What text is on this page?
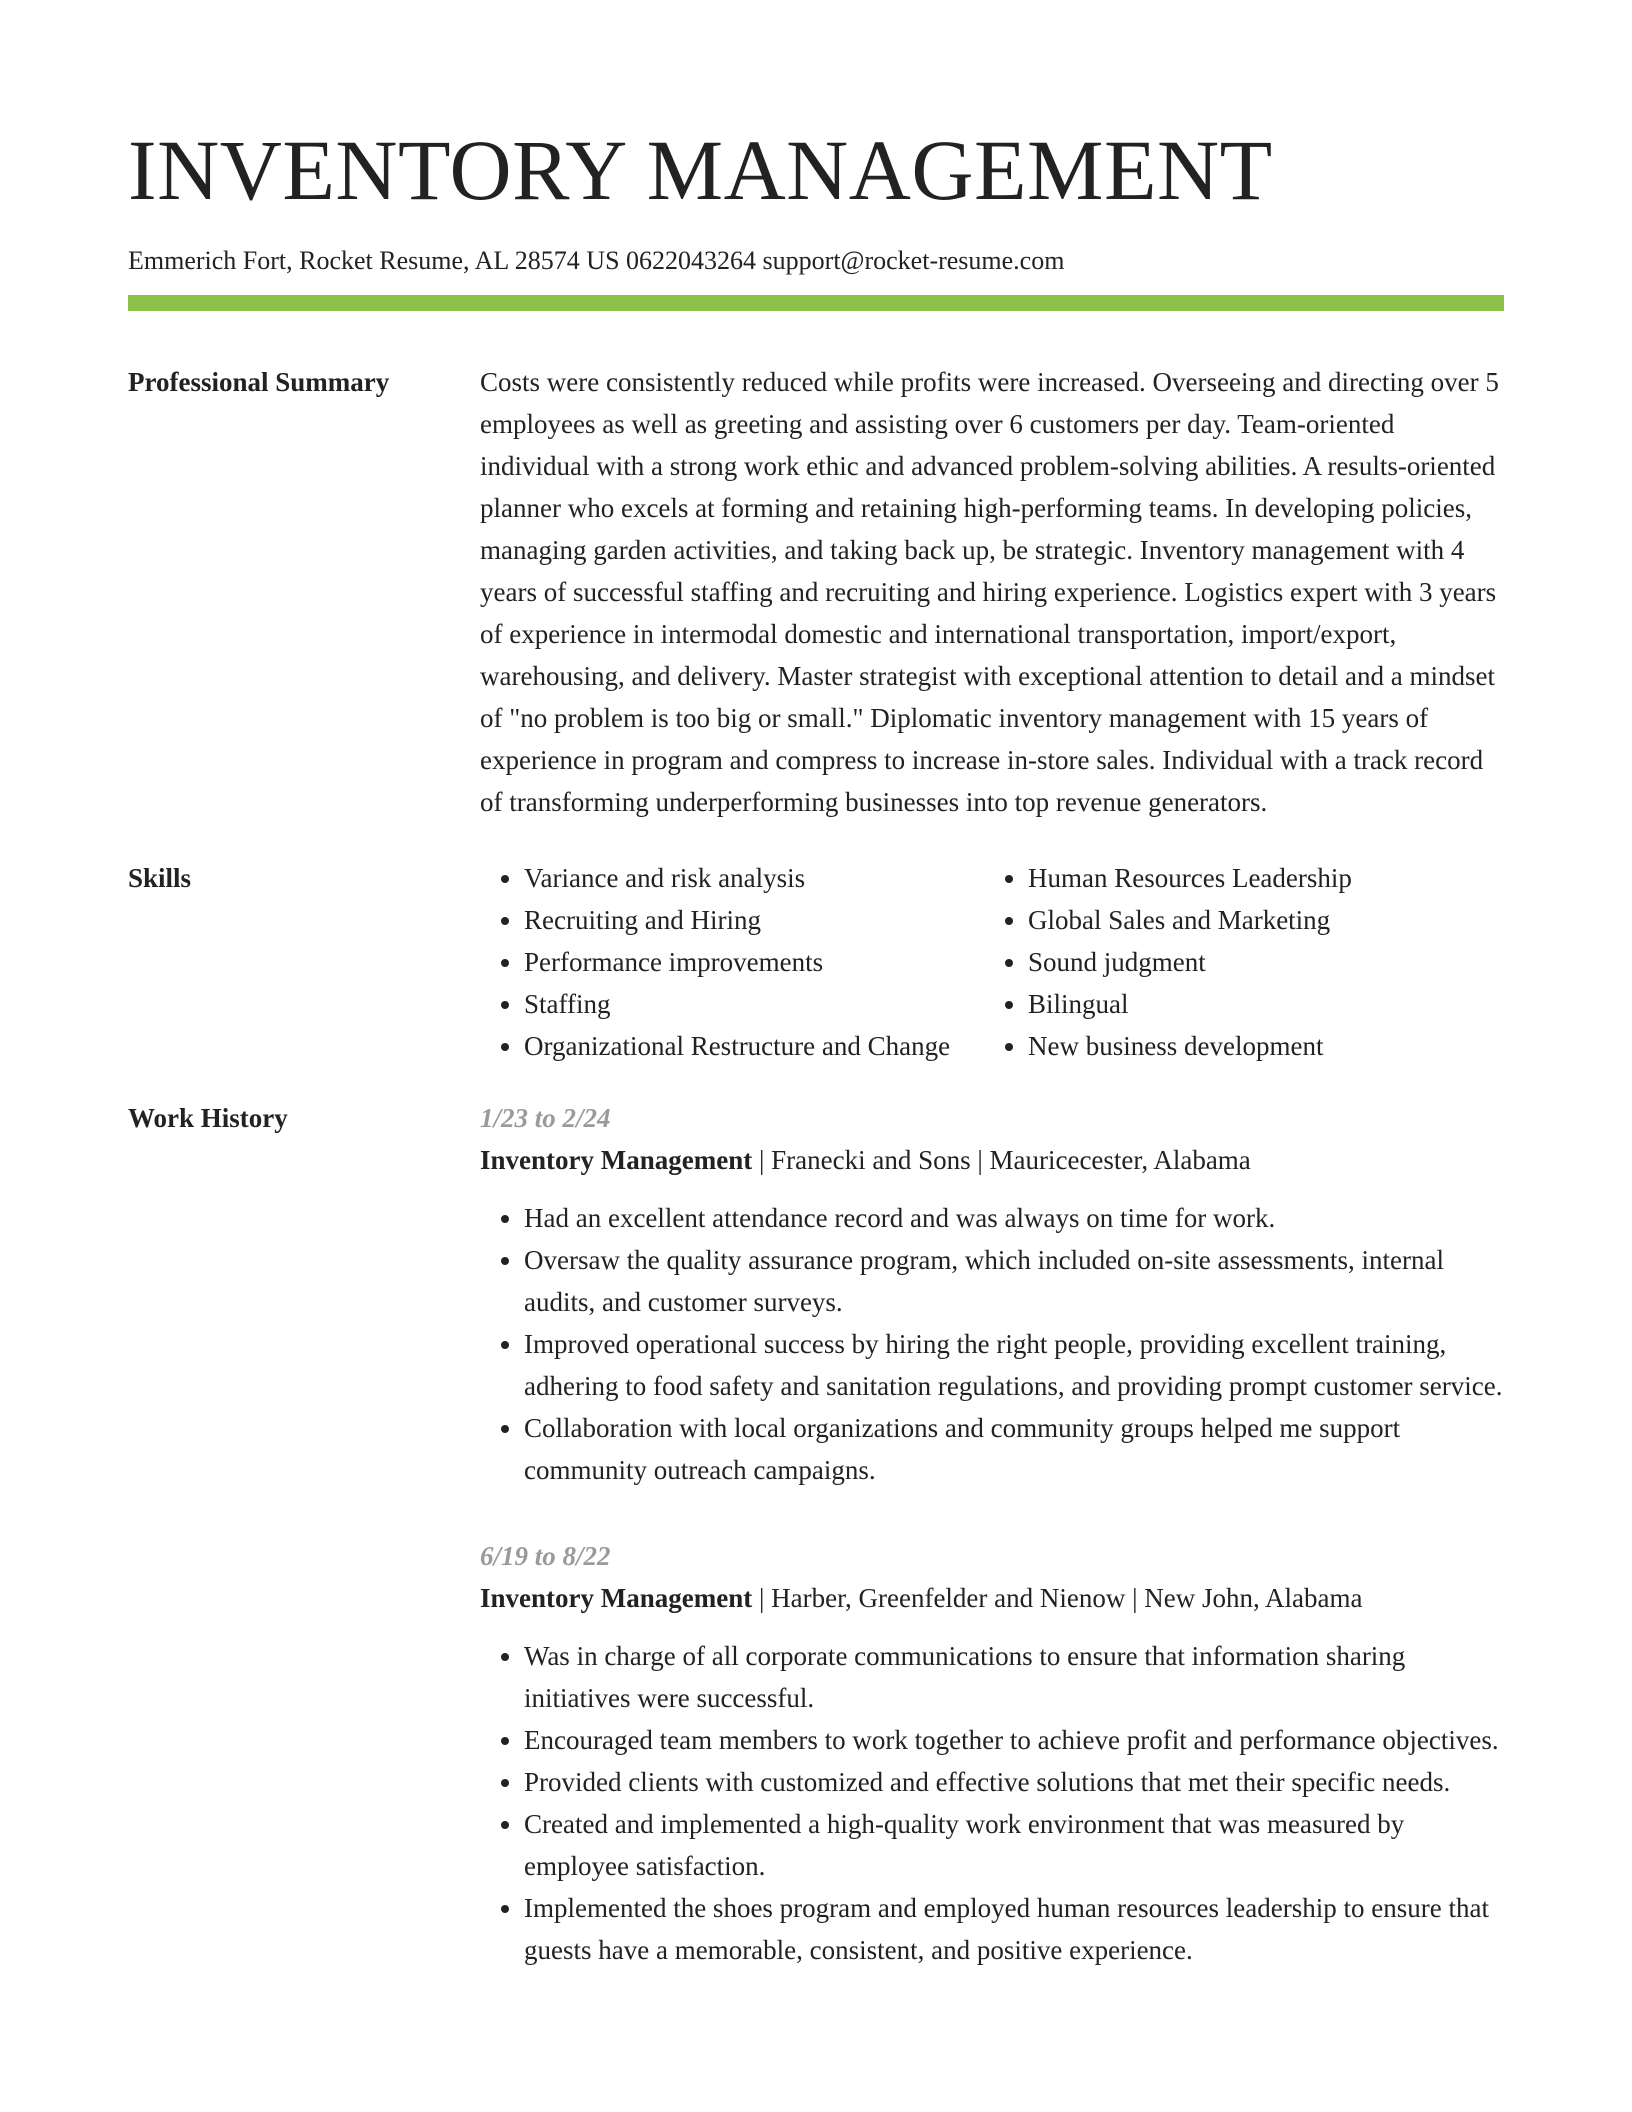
INVENTORY MANAGEMENT
Emmerich Fort, Rocket Resume, AL 28574 US 0622043264 support@rocket-resume.com
Professional Summary	Costs were consistently reduced while profits were increased. Overseeing and directing over 5 employees as well as greeting and assisting over 6 customers per day. Team-oriented individual with a strong work ethic and advanced problem-solving abilities. A results-oriented planner who excels at forming and retaining high-performing teams. In developing policies, managing garden activities, and taking back up, be strategic. Inventory management with 4 years of successful staffing and recruiting and hiring experience. Logistics expert with 3 years of experience in intermodal domestic and international transportation, import/export, warehousing, and delivery. Master strategist with exceptional attention to detail and a mindset of "no problem is too big or small." Diplomatic inventory management with 15 years of experience in program and compress to increase in-store sales. Individual with a track record of transforming underperforming businesses into top revenue generators.

Skills
•	Variance and risk analysis
• Recruiting and Hiring
• Performance improvements
• Staffing
• Organizational Restructure and Change
• Human Resources Leadership
• Global Sales and Marketing
• Sound judgment
• Bilingual
• New business development
Work History	1/23 to 2/24
Inventory Management | Franecki and Sons | Mauricecester, Alabama
• Had an excellent attendance record and was always on time for work.
• Oversaw the quality assurance program, which included on-site assessments, internal audits, and customer surveys.
• Improved operational success by hiring the right people, providing excellent training, adhering to food safety and sanitation regulations, and providing prompt customer service.
• Collaboration with local organizations and community groups helped me support community outreach campaigns.
6/19 to 8/22
Inventory Management | Harber, Greenfelder and Nienow | New John, Alabama
• Was in charge of all corporate communications to ensure that information sharing initiatives were successful.
• Encouraged team members to work together to achieve profit and performance objectives.
• Provided clients with customized and effective solutions that met their specific needs.
• Created and implemented a high-quality work environment that was measured by employee satisfaction.
• Implemented the shoes program and employed human resources leadership to ensure that guests have a memorable, consistent, and positive experience.
